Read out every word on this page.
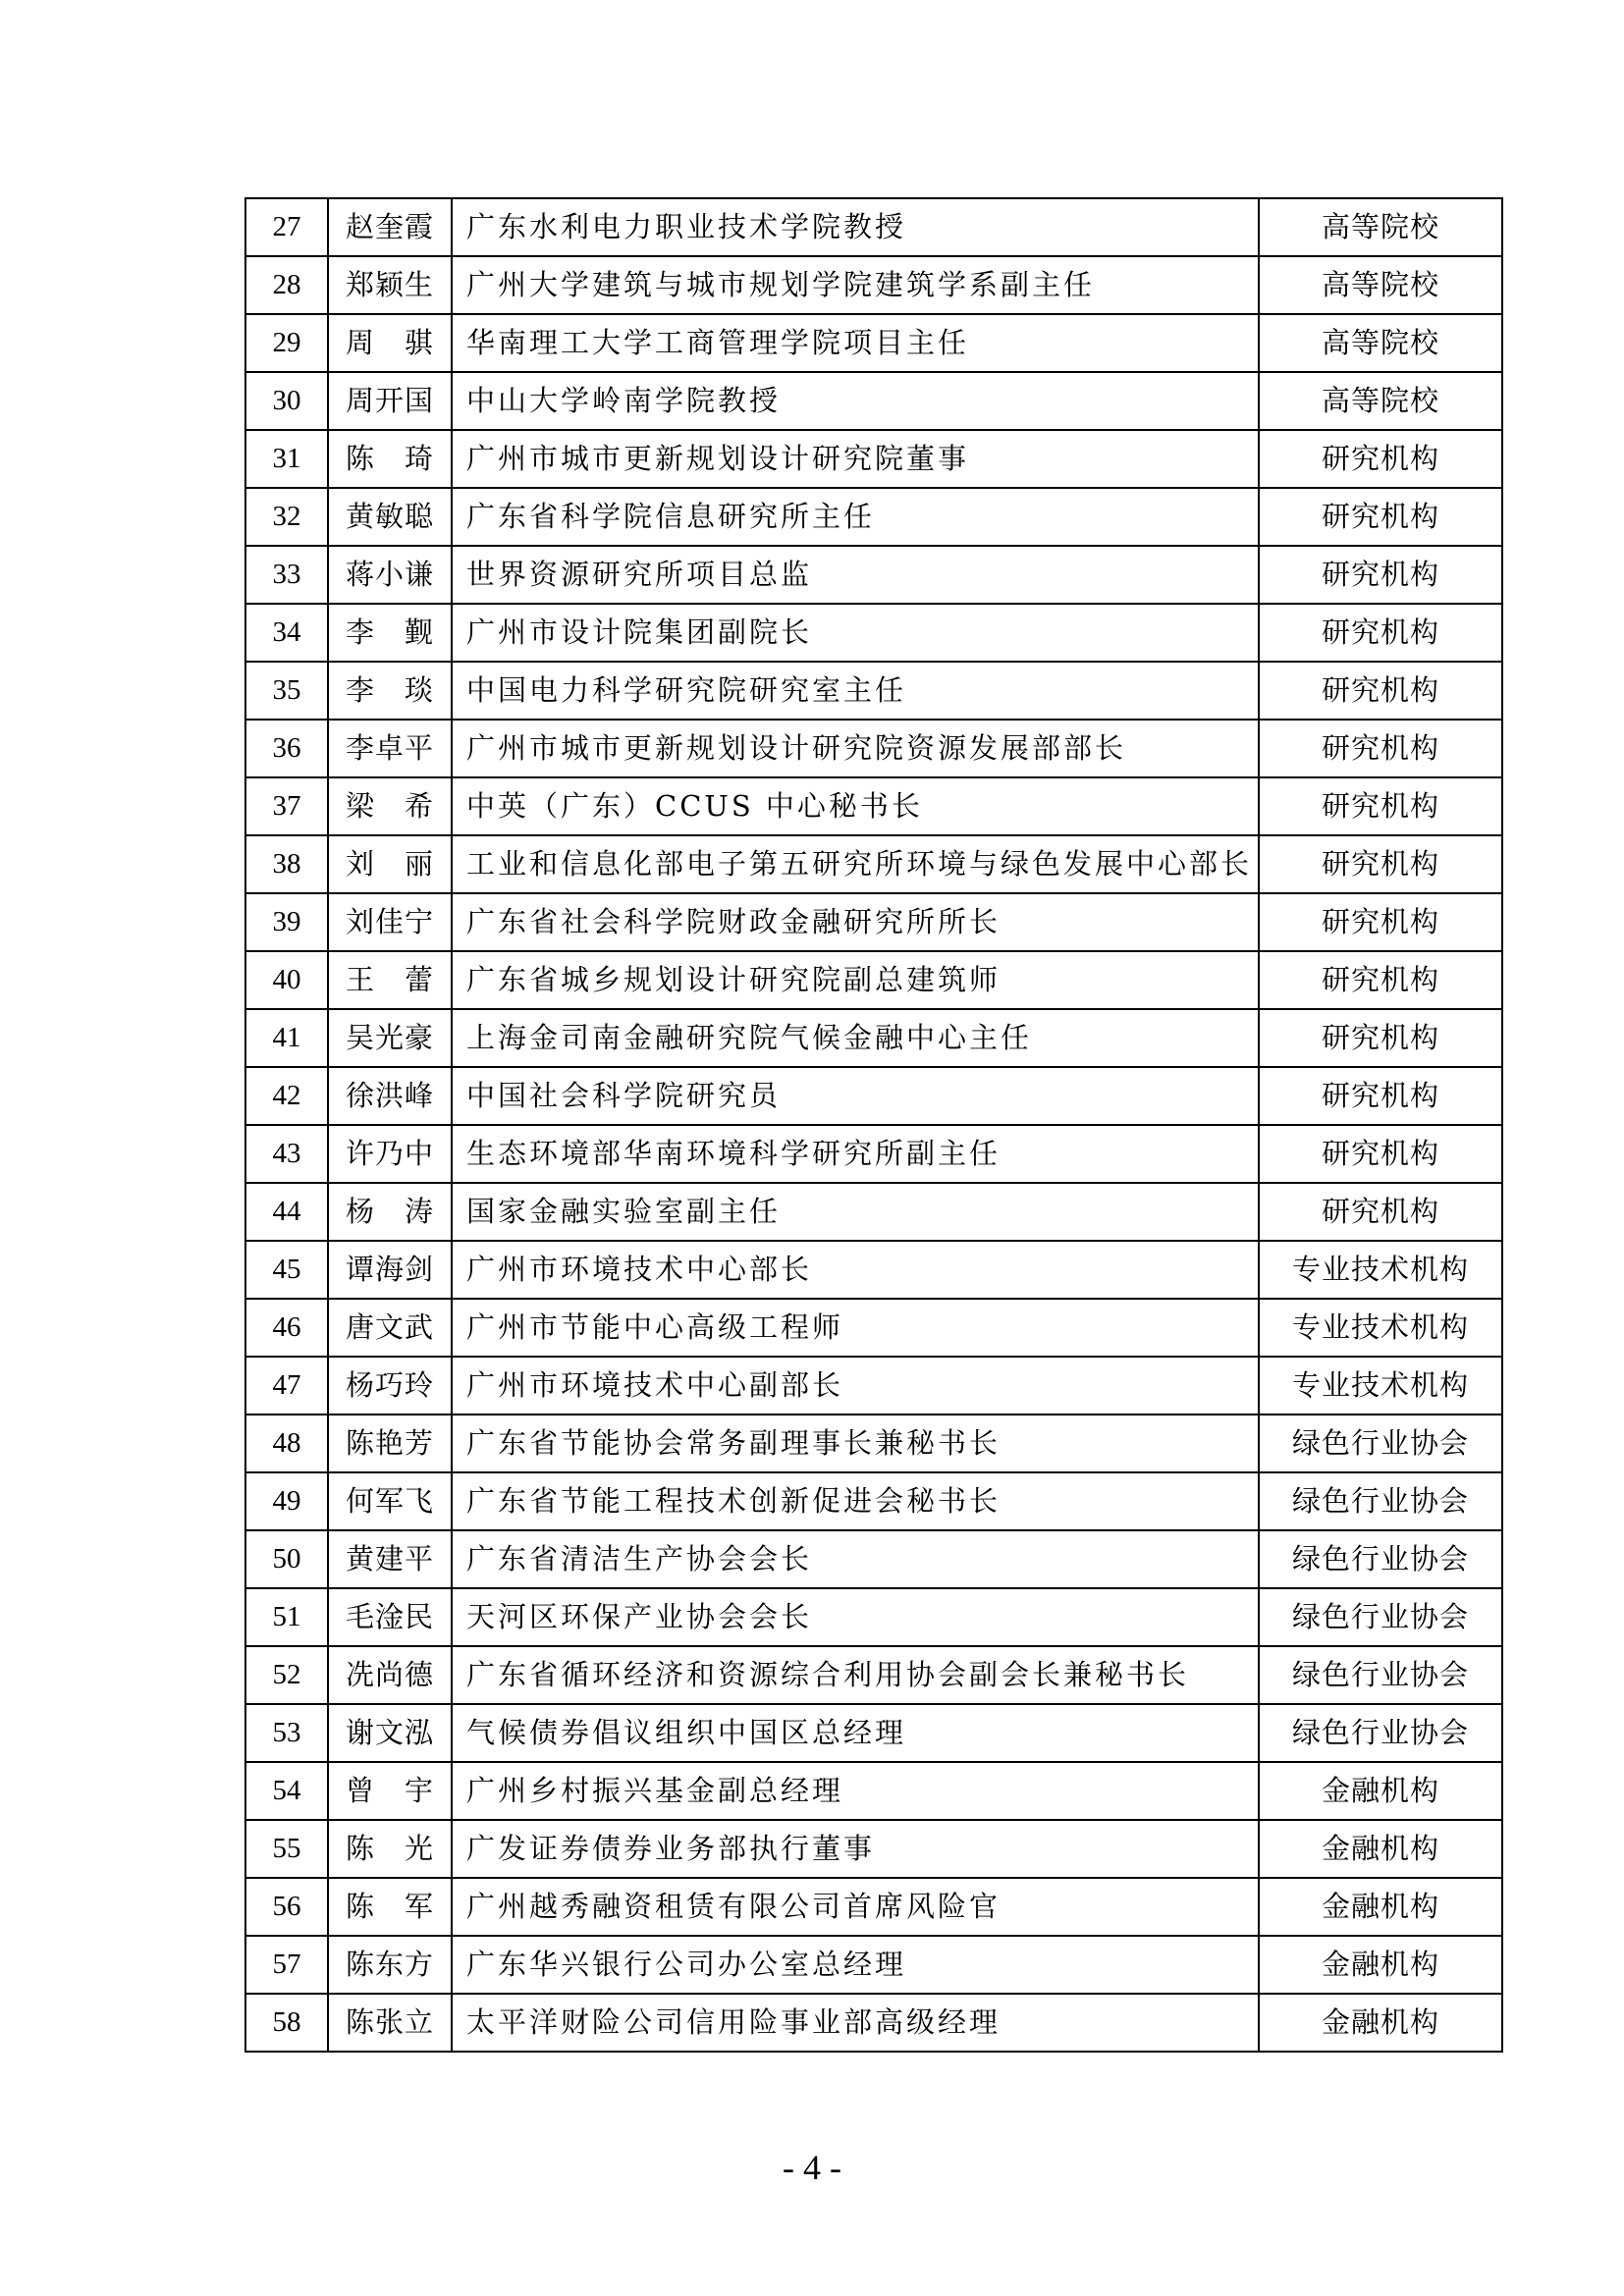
27	赵奎霞	广东水利电力职业技术学院教授	高等院校
28	郑颖生	广州大学建筑与城市规划学院建筑学系副主任	高等院校
29	周　骐	华南理工大学工商管理学院项目主任	高等院校
30	周开国	中山大学岭南学院教授	高等院校
31	陈　琦	广州市城市更新规划设计研究院董事	研究机构
32	黄敏聪	广东省科学院信息研究所主任	研究机构
33	蒋小谦	世界资源研究所项目总监	研究机构
34	李　觐	广州市设计院集团副院长	研究机构
35	李　琰	中国电力科学研究院研究室主任	研究机构
36	李卓平	广州市城市更新规划设计研究院资源发展部部长	研究机构
37	梁　希	中英（广东）CCUS 中心秘书长	研究机构
38	刘　丽	工业和信息化部电子第五研究所环境与绿色发展中心部长	研究机构
39	刘佳宁	广东省社会科学院财政金融研究所所长	研究机构
40	王　蕾	广东省城乡规划设计研究院副总建筑师	研究机构
41	吴光豪	上海金司南金融研究院气候金融中心主任	研究机构
42	徐洪峰	中国社会科学院研究员	研究机构
43	许乃中	生态环境部华南环境科学研究所副主任	研究机构
44	杨　涛	国家金融实验室副主任	研究机构
45	谭海剑	广州市环境技术中心部长	专业技术机构
46	唐文武	广州市节能中心高级工程师	专业技术机构
47	杨巧玲	广州市环境技术中心副部长	专业技术机构
48	陈艳芳	广东省节能协会常务副理事长兼秘书长	绿色行业协会
49	何军飞	广东省节能工程技术创新促进会秘书长	绿色行业协会
50	黄建平	广东省清洁生产协会会长	绿色行业协会
51	毛淦民	天河区环保产业协会会长	绿色行业协会
52	冼尚德	广东省循环经济和资源综合利用协会副会长兼秘书长	绿色行业协会
53	谢文泓	气候债券倡议组织中国区总经理	绿色行业协会
54	曾　宇	广州乡村振兴基金副总经理	金融机构
55	陈　光	广发证券债券业务部执行董事	金融机构
56	陈　军	广州越秀融资租赁有限公司首席风险官	金融机构
57	陈东方	广东华兴银行公司办公室总经理	金融机构
58	陈张立	太平洋财险公司信用险事业部高级经理	金融机构
- 4 -
